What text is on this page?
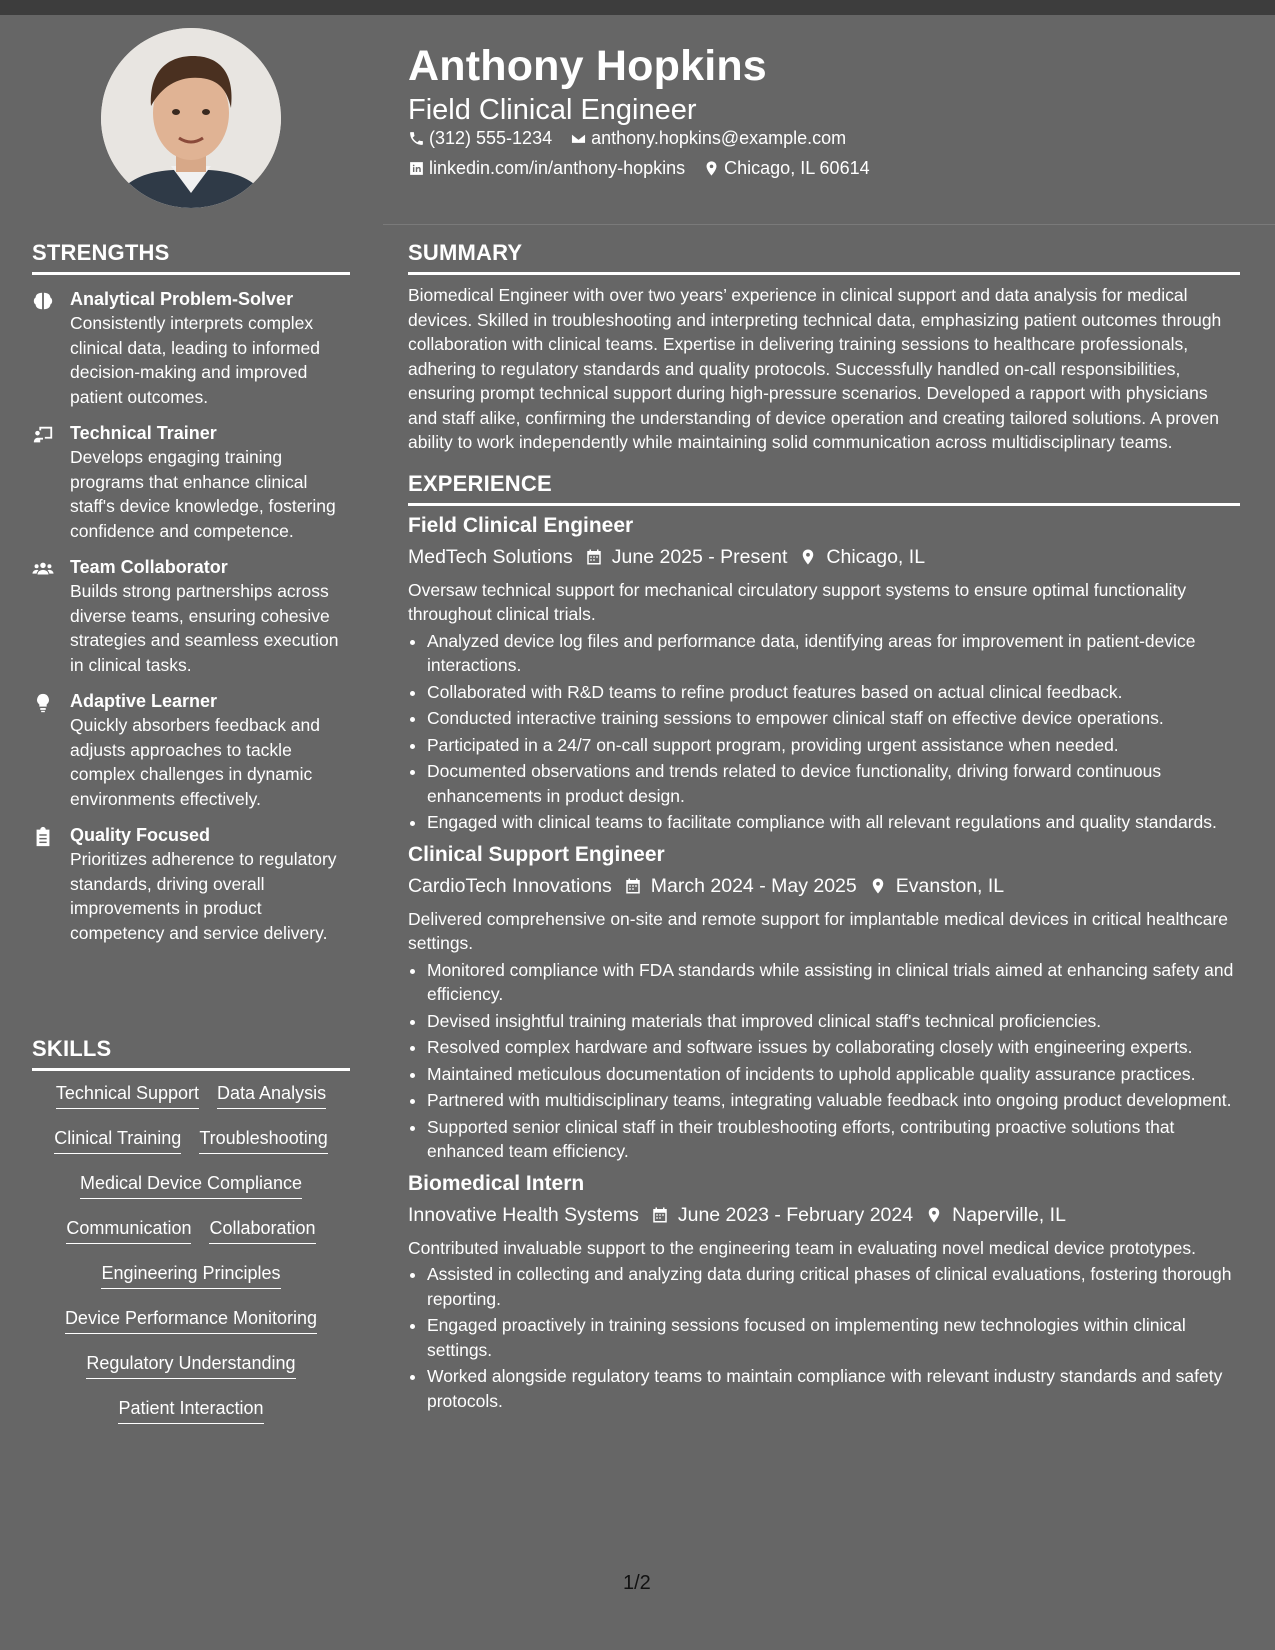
Anthony Hopkins
Field Clinical Engineer
(312) 555-1234 anthony.hopkins@example.com
linkedin.com/in/anthony-hopkins Chicago, IL 60614
STRENGTHS
Analytical Problem-Solver
Consistently interprets complex clinical data, leading to informed decision-making and improved patient outcomes.
Technical Trainer
Develops engaging training programs that enhance clinical staff's device knowledge, fostering confidence and competence.
Team Collaborator
Builds strong partnerships across diverse teams, ensuring cohesive strategies and seamless execution in clinical tasks.
Adaptive Learner
Quickly absorbers feedback and adjusts approaches to tackle complex challenges in dynamic environments effectively.
Quality Focused
Prioritizes adherence to regulatory standards, driving overall improvements in product competency and service delivery.
SKILLS
Technical Support Data Analysis
Clinical Training Troubleshooting
Medical Device Compliance
Communication Collaboration
Engineering Principles
Device Performance Monitoring
Regulatory Understanding
Patient Interaction
SUMMARY

Biomedical Engineer with over two years’ experience in clinical support and data analysis for medical devices. Skilled in troubleshooting and interpreting technical data, emphasizing patient outcomes through collaboration with clinical teams. Expertise in delivering training sessions to healthcare professionals, adhering to regulatory standards and quality protocols. Successfully handled on-call responsibilities, ensuring prompt technical support during high-pressure scenarios. Developed a rapport with physicians and staff alike, confirming the understanding of device operation and creating tailored solutions. A proven ability to work independently while maintaining solid communication across multidisciplinary teams.

EXPERIENCE
Field Clinical Engineer
MedTech Solutions June 2025 - Present Chicago, IL
Oversaw technical support for mechanical circulatory support systems to ensure optimal functionality throughout clinical trials.
• Analyzed device log files and performance data, identifying areas for improvement in patient-device interactions.
• Collaborated with R&D teams to refine product features based on actual clinical feedback.
• Conducted interactive training sessions to empower clinical staff on effective device operations.
• Participated in a 24/7 on-call support program, providing urgent assistance when needed.
• Documented observations and trends related to device functionality, driving forward continuous enhancements in product design.
• Engaged with clinical teams to facilitate compliance with all relevant regulations and quality standards.
Clinical Support Engineer
CardioTech Innovations March 2024 - May 2025 Evanston, IL
Delivered comprehensive on-site and remote support for implantable medical devices in critical healthcare settings.
• Monitored compliance with FDA standards while assisting in clinical trials aimed at enhancing safety and efficiency.
• Devised insightful training materials that improved clinical staff's technical proficiencies.
• Resolved complex hardware and software issues by collaborating closely with engineering experts.
• Maintained meticulous documentation of incidents to uphold applicable quality assurance practices.
• Partnered with multidisciplinary teams, integrating valuable feedback into ongoing product development.
• Supported senior clinical staff in their troubleshooting efforts, contributing proactive solutions that enhanced team efficiency.
Biomedical Intern
Innovative Health Systems June 2023 - February 2024 Naperville, IL
Contributed invaluable support to the engineering team in evaluating novel medical device prototypes.
• Assisted in collecting and analyzing data during critical phases of clinical evaluations, fostering thorough reporting.
• Engaged proactively in training sessions focused on implementing new technologies within clinical settings.
• Worked alongside regulatory teams to maintain compliance with relevant industry standards and safety protocols.
1/2
